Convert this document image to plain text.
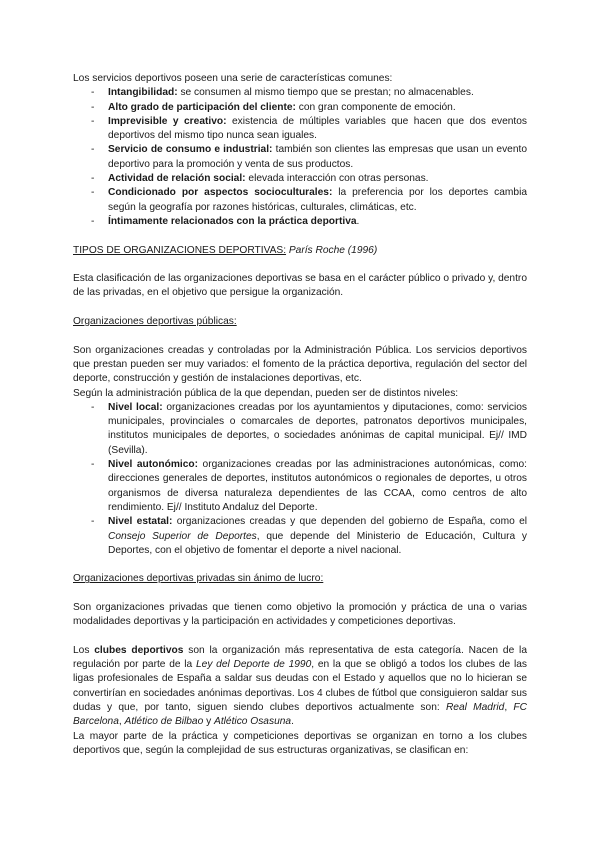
Los servicios deportivos poseen una serie de características comunes:

- Intangibilidad: se consumen al mismo tiempo que se prestan; no almacenables.
- Alto grado de participación del cliente: con gran componente de emoción.
- Imprevisible y creativo: existencia de múltiples variables que hacen que dos eventos deportivos del mismo tipo nunca sean iguales.
- Servicio de consumo e industrial: también son clientes las empresas que usan un evento deportivo para la promoción y venta de sus productos.
- Actividad de relación social: elevada interacción con otras personas.
- Condicionado por aspectos socioculturales: la preferencia por los deportes cambia según la geografía por razones históricas, culturales, climáticas, etc.
- Íntimamente relacionados con la práctica deportiva.

TIPOS DE ORGANIZACIONES DEPORTIVAS: París Roche (1996)

Esta clasificación de las organizaciones deportivas se basa en el carácter público o privado y, dentro de las privadas, en el objetivo que persigue la organización.

Organizaciones deportivas públicas:

Son organizaciones creadas y controladas por la Administración Pública. Los servicios deportivos que prestan pueden ser muy variados: el fomento de la práctica deportiva, regulación del sector del deporte, construcción y gestión de instalaciones deportivas, etc.

Según la administración pública de la que dependan, pueden ser de distintos niveles:

- Nivel local: organizaciones creadas por los ayuntamientos y diputaciones, como: servicios municipales, provinciales o comarcales de deportes, patronatos deportivos municipales, institutos municipales de deportes, o sociedades anónimas de capital municipal. Ej// IMD (Sevilla).
- Nivel autonómico: organizaciones creadas por las administraciones autonómicas, como: direcciones generales de deportes, institutos autonómicos o regionales de deportes, u otros organismos de diversa naturaleza dependientes de las CCAA, como centros de alto rendimiento. Ej// Instituto Andaluz del Deporte.
- Nivel estatal: organizaciones creadas y que dependen del gobierno de España, como el Consejo Superior de Deportes, que depende del Ministerio de Educación, Cultura y Deportes, con el objetivo de fomentar el deporte a nivel nacional.

Organizaciones deportivas privadas sin ánimo de lucro:

Son organizaciones privadas que tienen como objetivo la promoción y práctica de una o varias modalidades deportivas y la participación en actividades y competiciones deportivas.

Los clubes deportivos son la organización más representativa de esta categoría. Nacen de la regulación por parte de la Ley del Deporte de 1990, en la que se obligó a todos los clubes de las ligas profesionales de España a saldar sus deudas con el Estado y aquellos que no lo hicieran se convertirían en sociedades anónimas deportivas. Los 4 clubes de fútbol que consiguieron saldar sus dudas y que, por tanto, siguen siendo clubes deportivos actualmente son: Real Madrid, FC Barcelona, Atlético de Bilbao y Atlético Osasuna.

La mayor parte de la práctica y competiciones deportivas se organizan en torno a los clubes deportivos que, según la complejidad de sus estructuras organizativas, se clasifican en:
